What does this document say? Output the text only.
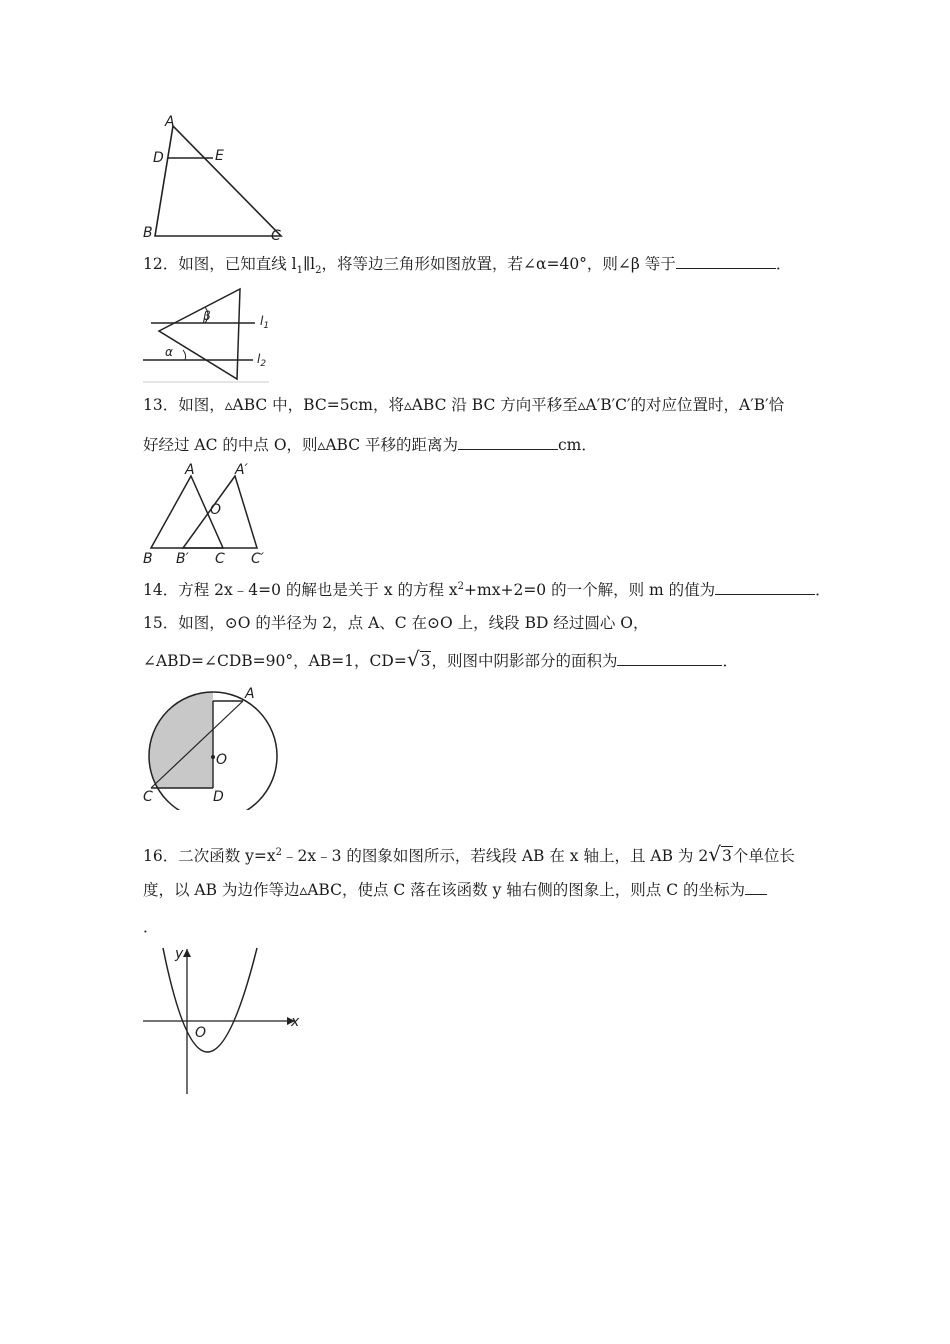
A
D	E
B	C
12．如图，已知直线 $l_1\parallel l_2$，将等边三角形如图放置，若∠α=40°，则∠β 等于	．
β
α
$l_1$
$l_2$
13．如图，▵ABC 中，BC=5cm，将▵ABC 沿 BC 方向平移至▵A′B′C′的对应位置时，A′B′恰
好经过 AC 的中点 O，则▵ABC 平移的距离为	cm．
A	A′
O
B B′ C C′
14．方程 2x﹣4=0 的解也是关于 x 的方程 $x^2+mx+2=0$ 的一个解，则 m 的值为	．
15．如图，⊙O 的半径为 2，点 A、C 在⊙O 上，线段 BD 经过圆心 O，
∠ABD=∠CDB=90°，AB=1，CD=√3，则图中阴影部分的面积为	．
A
O
C	D
16．二次函数 $y=x^2﹣2x﹣3$ 的图象如图所示，若线段 AB 在 x 轴上，且 AB 为 2√3个单位长
度，以 AB 为边作等边▵ABC，使点 C 落在该函数 y 轴右侧的图象上，则点 C 的坐标为
．
y
x
O
